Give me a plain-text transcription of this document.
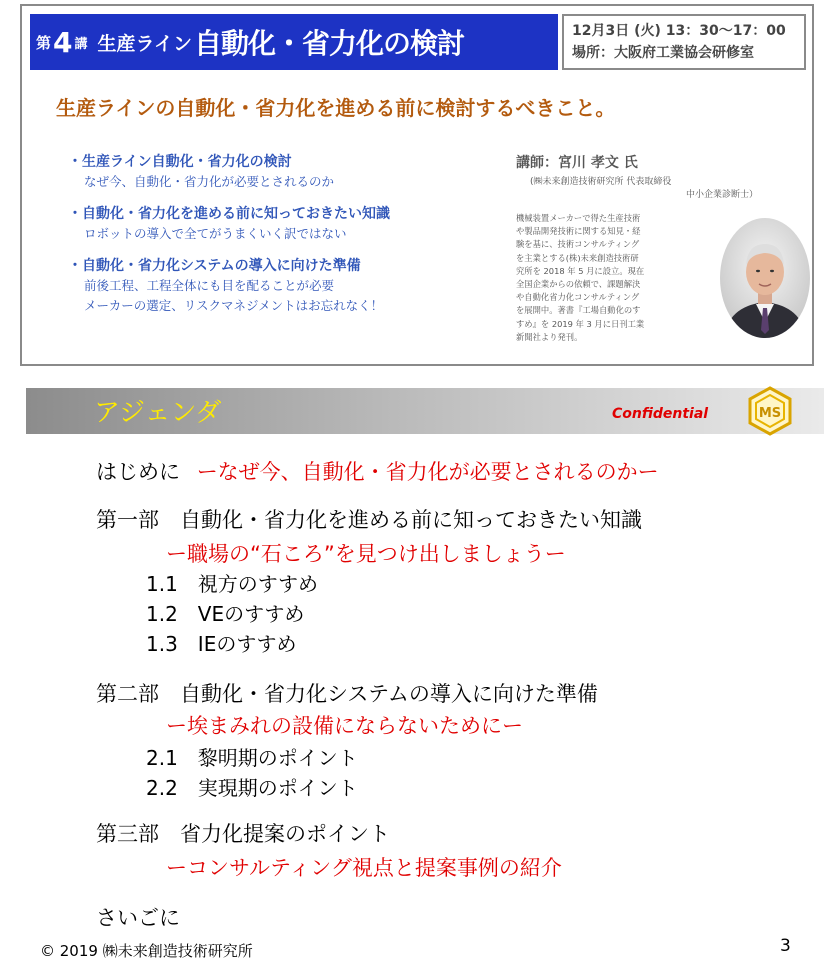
第 4 講 生産ライン 自動化・省力化の検討	12月3日 (火) 13：30〜17：00
場所：大阪府工業協会研修室
生産ラインの自動化・省力化を進める前に検討するべきこと。
・生産ライン自動化・省力化の検討
なぜ今、自動化・省力化が必要とされるのか
・自動化・省力化を進める前に知っておきたい知識
ロボットの導入で全てがうまくいく訳ではない
・自動化・省力化システムの導入に向けた準備
前後工程、工程全体にも目を配ることが必要
メーカーの選定、リスクマネジメントはお忘れなく！
講師：宮川 孝文 氏
(㈱未来創造技術研究所 代表取締役
中小企業診断士）
機械装置メーカーで得た生産技術
や製品開発技術に関する知見・経
験を基に、技術コンサルティング
を主業とする(株)未来創造技術研
究所を 2018 年 5 月に設立。現在
全国企業からの依頼で、課題解決
や自動化省力化コンサルティング
を展開中。著書『工場自動化のす
すめ』を 2019 年 3 月に日刊工業
新聞社より発刊。
アジェンダ	Confidential	MS
はじめに ーなぜ今、自動化・省力化が必要とされるのかー
第一部　自動化・省力化を進める前に知っておきたい知識
ー職場の“石ころ”を見つけ出しましょうー
1.1　視方のすすめ
1.2　VEのすすめ
1.3　IEのすすめ
第二部　自動化・省力化システムの導入に向けた準備
ー埃まみれの設備にならないためにー
2.1　黎明期のポイント
2.2　実現期のポイント
第三部　省力化提案のポイント
ーコンサルティング視点と提案事例の紹介
さいごに
© 2019 ㈱未来創造技術研究所	3
